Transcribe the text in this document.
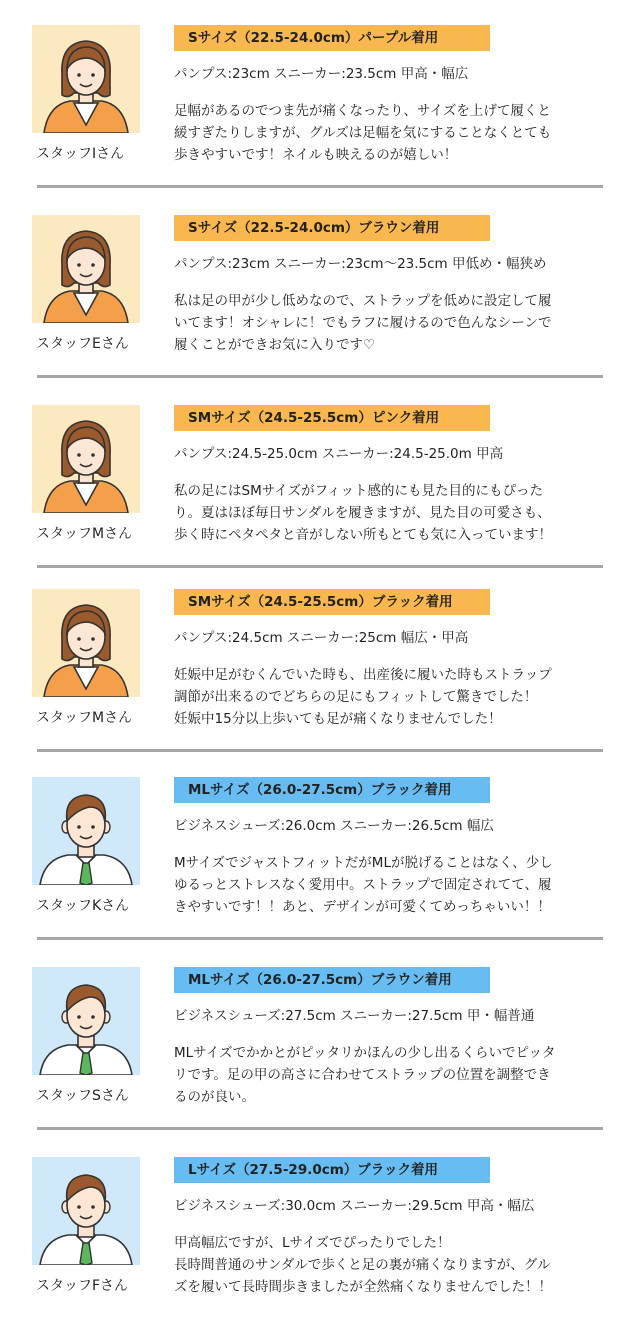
スタッフIさん
Sサイズ（22.5-24.0cm）パープル着用
パンプス:23cm スニーカー:23.5cm 甲高・幅広
足幅があるのでつま先が痛くなったり、サイズを上げて履くと
緩すぎたりしますが、グルズは足幅を気にすることなくとても
歩きやすいです！ネイルも映えるのが嬉しい！
スタッフEさん
Sサイズ（22.5-24.0cm）ブラウン着用
パンプス:23cm スニーカー:23cm〜23.5cm 甲低め・幅狭め
私は足の甲が少し低めなので、ストラップを低めに設定して履
いてます！オシャレに！でもラフに履けるので色んなシーンで
履くことができお気に入りです♡
スタッフMさん
SMサイズ（24.5-25.5cm）ピンク着用
パンプス:24.5-25.0cm スニーカー:24.5-25.0m 甲高
私の足にはSMサイズがフィット感的にも見た目的にもぴった
り。夏はほぼ毎日サンダルを履きますが、見た目の可愛さも、
歩く時にペタペタと音がしない所もとても気に入っています！
スタッフMさん
SMサイズ（24.5-25.5cm）ブラック着用
パンプス:24.5cm スニーカー:25cm 幅広・甲高
妊娠中足がむくんでいた時も、出産後に履いた時もストラップ
調節が出来るのでどちらの足にもフィットして驚きでした！
妊娠中15分以上歩いても足が痛くなりませんでした！
スタッフKさん
MLサイズ（26.0-27.5cm）ブラック着用
ビジネスシューズ:26.0cm スニーカー:26.5cm 幅広
MサイズでジャストフィットだがMLが脱げることはなく、少し
ゆるっとストレスなく愛用中。ストラップで固定されてて、履
きやすいです！！あと、デザインが可愛くてめっちゃいい！！
スタッフSさん
MLサイズ（26.0-27.5cm）ブラウン着用
ビジネスシューズ:27.5cm スニーカー:27.5cm 甲・幅普通
MLサイズでかかとがピッタリかほんの少し出るくらいでピッタ
リです。足の甲の高さに合わせてストラップの位置を調整でき
るのが良い。
スタッフFさん
Lサイズ（27.5-29.0cm）ブラック着用
ビジネスシューズ:30.0cm スニーカー:29.5cm 甲高・幅広
甲高幅広ですが、Lサイズでぴったりでした！
長時間普通のサンダルで歩くと足の裏が痛くなりますが、グル
ズを履いて長時間歩きましたが全然痛くなりませんでした！！
